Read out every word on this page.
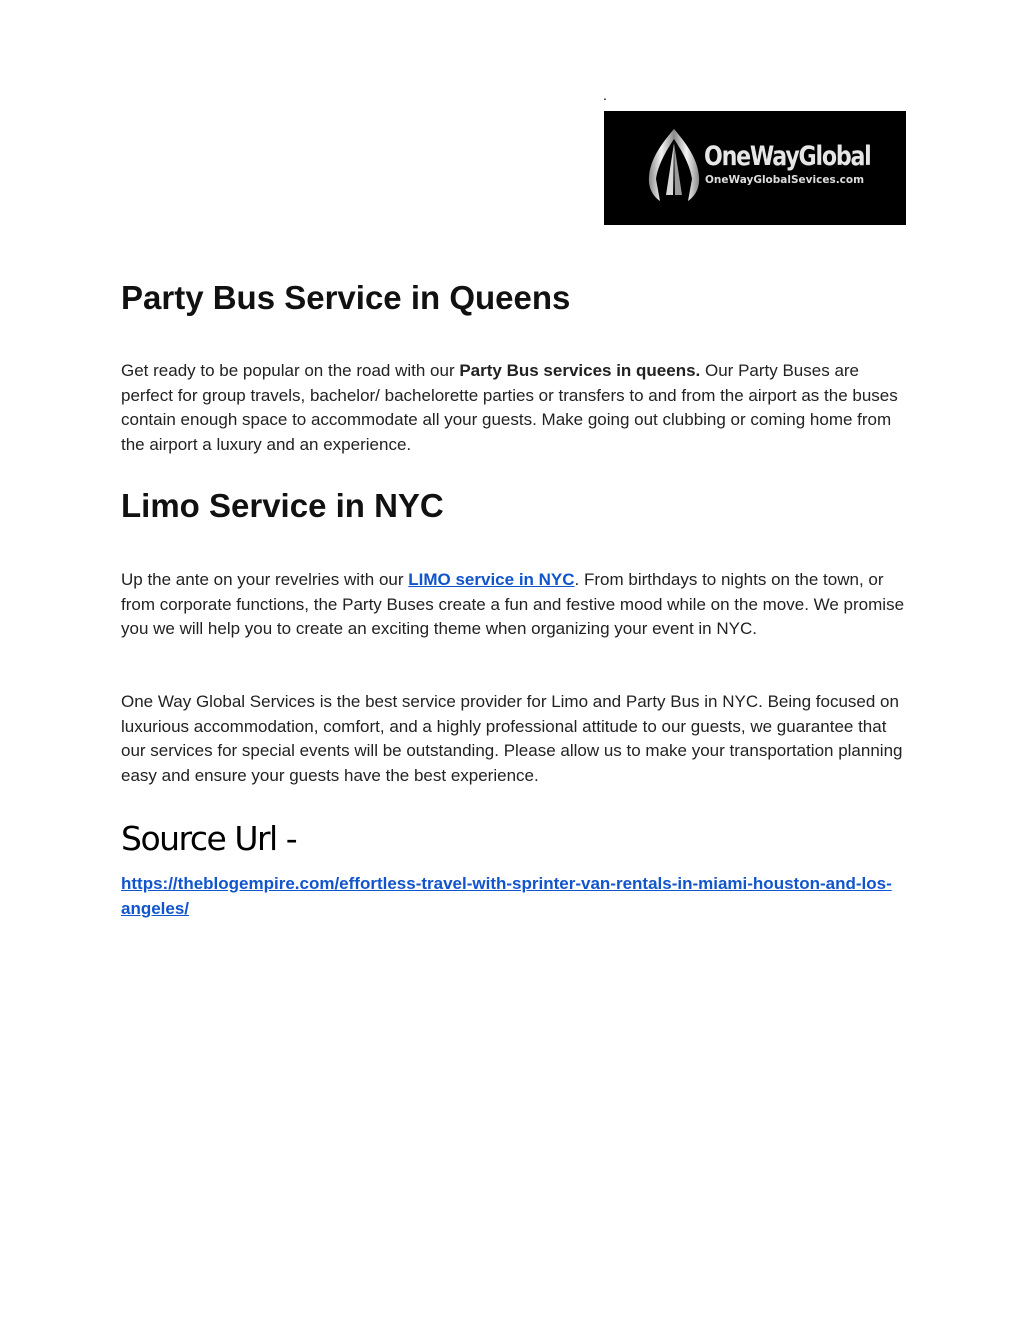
.
OneWayGlobal
OneWayGlobalSevices.com
Party Bus Service in Queens

Get ready to be popular on the road with our Party Bus services in queens. Our Party Buses are perfect for group travels, bachelor/ bachelorette parties or transfers to and from the airport as the buses contain enough space to accommodate all your guests. Make going out clubbing or coming home from the airport a luxury and an experience.

Limo Service in NYC

Up the ante on your revelries with our LIMO service in NYC. From birthdays to nights on the town, or from corporate functions, the Party Buses create a fun and festive mood while on the move. We promise you we will help you to create an exciting theme when organizing your event in NYC.

One Way Global Services is the best service provider for Limo and Party Bus in NYC. Being focused on luxurious accommodation, comfort, and a highly professional attitude to our guests, we guarantee that our services for special events will be outstanding. Please allow us to make your transportation planning easy and ensure your guests have the best experience.

Source Url -
https://theblogempire.com/effortless-travel-with-sprinter-van-rentals-in-miami-houston-and-los-angeles/
